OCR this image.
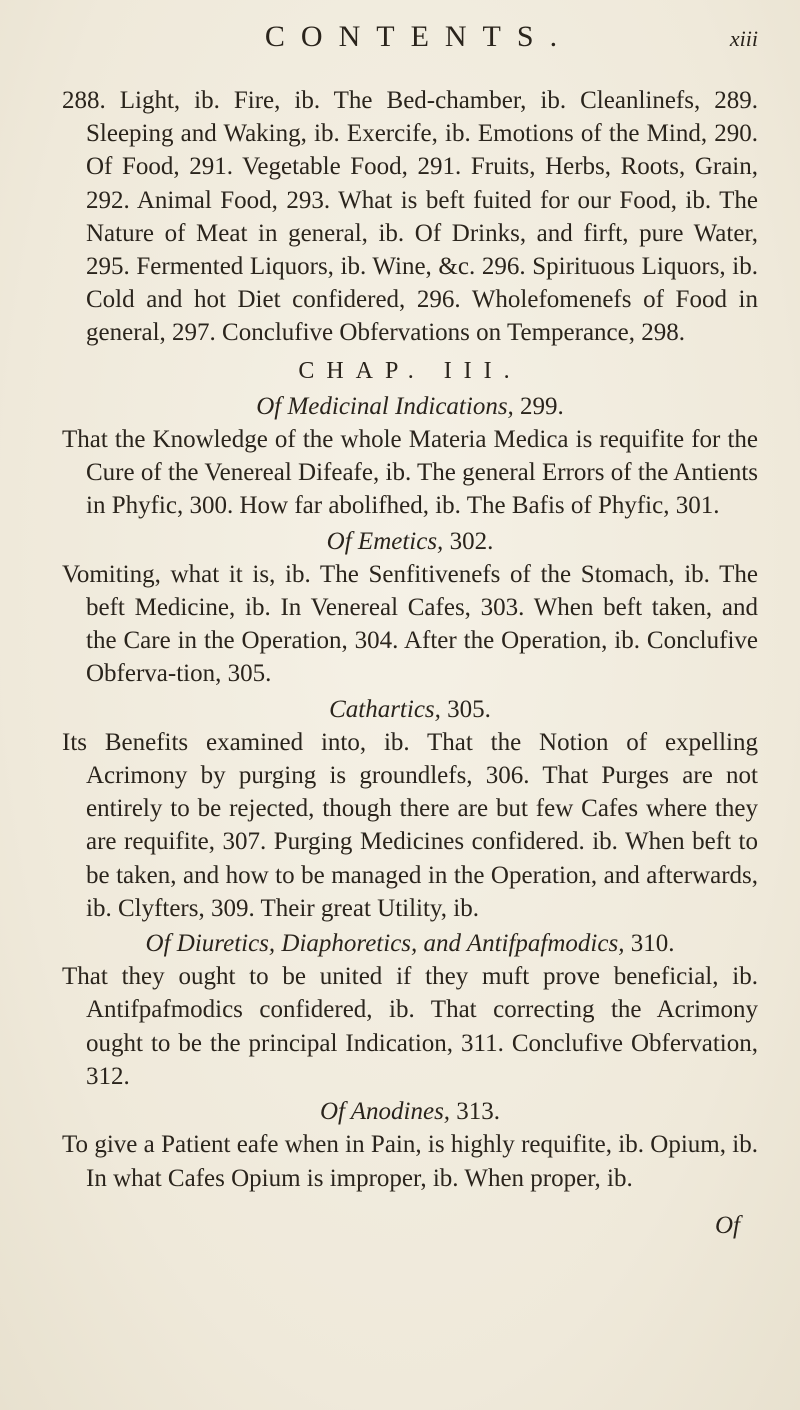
CONTENTS.	xiii

288. Light, ib. Fire, ib. The Bed-chamber, ib. Cleanlinefs, 289. Sleeping and Waking, ib. Exercife, ib. Emotions of the Mind, 290. Of Food, 291. Vegetable Food, 291. Fruits, Herbs, Roots, Grain, 292. Animal Food, 293. What is beft fuited for our Food, ib. The Nature of Meat in general, ib. Of Drinks, and firft, pure Water, 295. Fermented Liquors, ib. Wine, &c. 296. Spirituous Liquors, ib. Cold and hot Diet confidered, 296. Wholefomenefs of Food in general, 297. Conclufive Obfervations on Temperance, 298.

CHAP. III.

Of Medicinal Indications, 299.

That the Knowledge of the whole Materia Medica is requifite for the Cure of the Venereal Difeafe, ib. The general Errors of the Antients in Phyfic, 300. How far abolifhed, ib. The Bafis of Phyfic, 301.

Of Emetics, 302.

Vomiting, what it is, ib. The Senfitivenefs of the Stomach, ib. The beft Medicine, ib. In Venereal Cafes, 303. When beft taken, and the Care in the Operation, 304. After the Operation, ib. Conclufive Obferva-tion, 305.

Cathartics, 305.

Its Benefits examined into, ib. That the Notion of expelling Acrimony by purging is groundlefs, 306. That Purges are not entirely to be rejected, though there are but few Cafes where they are requifite, 307. Purging Medicines confidered. ib. When beft to be taken, and how to be managed in the Operation, and afterwards, ib. Clyfters, 309. Their great Utility, ib.

Of Diuretics, Diaphoretics, and Antifpafmodics, 310.

That they ought to be united if they muft prove beneficial, ib. Antifpafmodics confidered, ib. That correcting the Acrimony ought to be the principal Indication, 311. Conclufive Obfervation, 312.

Of Anodines, 313.

To give a Patient eafe when in Pain, is highly requifite, ib. Opium, ib. In what Cafes Opium is improper, ib. When proper, ib.

Of
